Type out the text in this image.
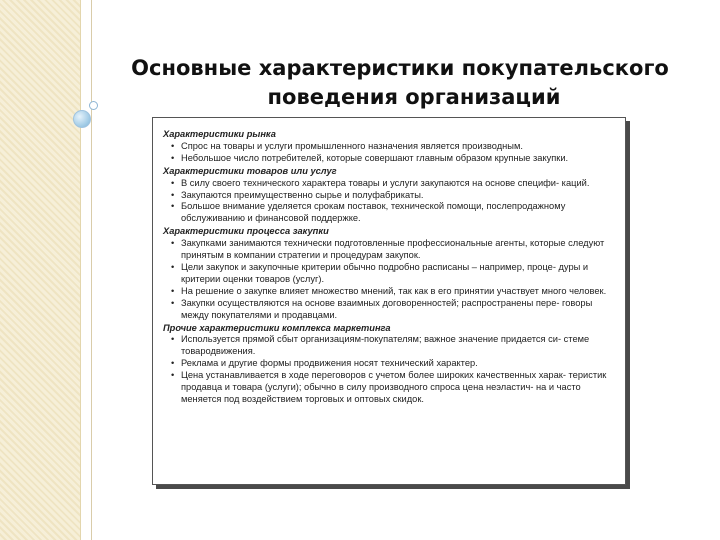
Основные характеристики покупательского
поведения организаций
Характеристики рынка
• Спрос на товары и услуги промышленного назначения является производным.
• Небольшое число потребителей, которые совершают главным образом крупные закупки.
Характеристики товаров или услуг
• В силу своего технического характера товары и услуги закупаются на основе специфи- каций.
• Закупаются преимущественно сырье и полуфабрикаты.
• Большое внимание уделяется срокам поставок, технической помощи, послепродажному обслуживанию и финансовой поддержке.
Характеристики процесса закупки
• Закупками занимаются технически подготовленные профессиональные агенты, которые следуют принятым в компании стратегии и процедурам закупок.
• Цели закупок и закупочные критерии обычно подробно расписаны – например, проце- дуры и критерии оценки товаров (услуг).
• На решение о закупке влияет множество мнений, так как в его принятии участвует много человек.
• Закупки осуществляются на основе взаимных договоренностей; распространены пере- говоры между покупателями и продавцами.
Прочие характеристики комплекса маркетинга
• Используется прямой сбыт организациям-покупателям; важное значение придается си- стеме товародвижения.
• Реклама и другие формы продвижения носят технический характер.
• Цена устанавливается в ходе переговоров с учетом более широких качественных харак- теристик продавца и товара (услуги); обычно в силу производного спроса цена неэластич- на и часто меняется под воздействием торговых и оптовых скидок.
